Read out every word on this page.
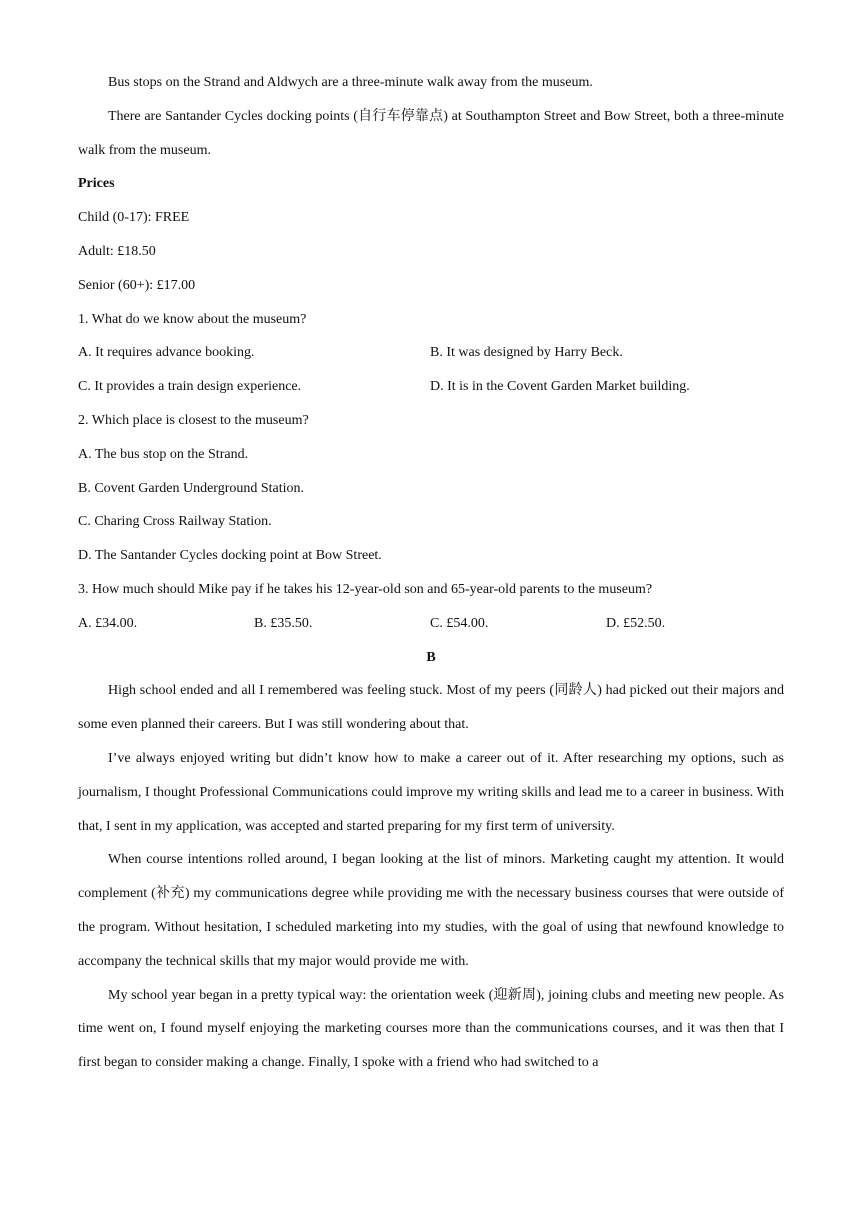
Bus stops on the Strand and Aldwych are a three-minute walk away from the museum.

There are Santander Cycles docking points (自行车停靠点) at Southampton Street and Bow Street, both a three-minute walk from the museum.

Prices

Child (0-17): FREE

Adult: £18.50

Senior (60+): £17.00

1. What do we know about the museum?

A. It requires advance booking.	B. It was designed by Harry Beck.
C. It provides a train design experience.	D. It is in the Covent Garden Market building.

2. Which place is closest to the museum?

A. The bus stop on the Strand.

B. Covent Garden Underground Station.

C. Charing Cross Railway Station.

D. The Santander Cycles docking point at Bow Street.

3. How much should Mike pay if he takes his 12-year-old son and 65-year-old parents to the museum?

A. £34.00.	B. £35.50.	C. £54.00.	D. £52.50.

B

High school ended and all I remembered was feeling stuck. Most of my peers (同龄人) had picked out their majors and some even planned their careers. But I was still wondering about that.

I’ve always enjoyed writing but didn’t know how to make a career out of it. After researching my options, such as journalism, I thought Professional Communications could improve my writing skills and lead me to a career in business. With that, I sent in my application, was accepted and started preparing for my first term of university.

When course intentions rolled around, I began looking at the list of minors. Marketing caught my attention. It would complement (补充) my communications degree while providing me with the necessary business courses that were outside of the program. Without hesitation, I scheduled marketing into my studies, with the goal of using that newfound knowledge to accompany the technical skills that my major would provide me with.

My school year began in a pretty typical way: the orientation week (迎新周), joining clubs and meeting new people. As time went on, I found myself enjoying the marketing courses more than the communications courses, and it was then that I first began to consider making a change. Finally, I spoke with a friend who had switched to a
